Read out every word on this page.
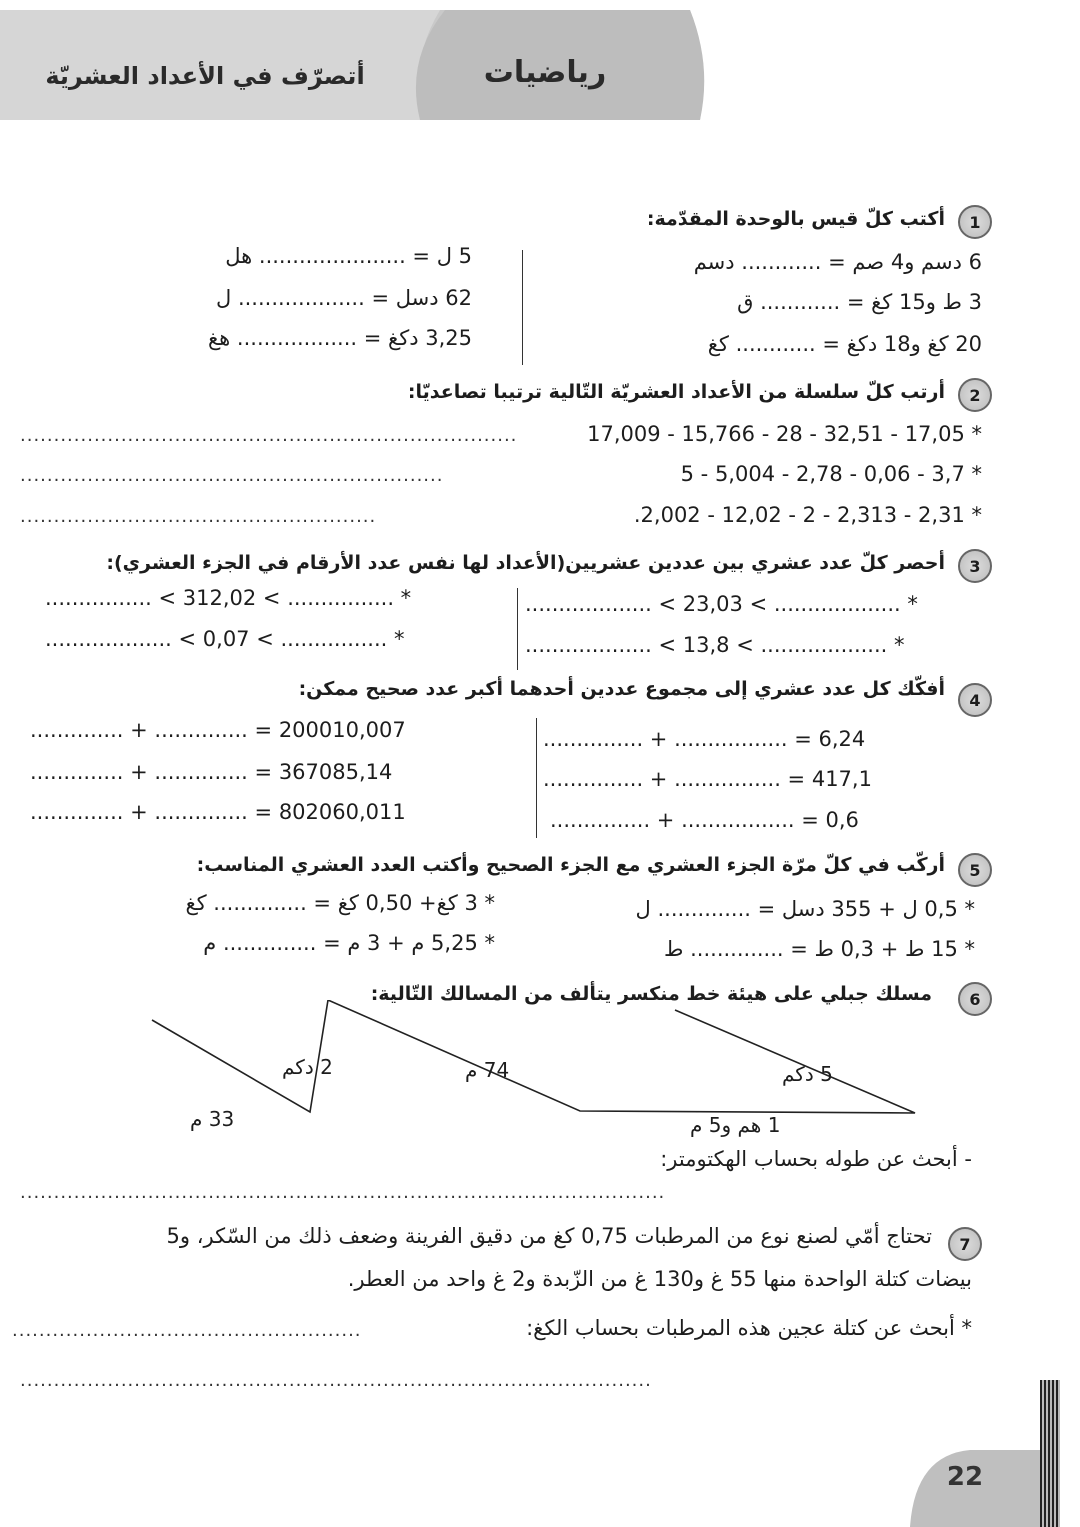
رياضيات
أتصرّف في الأعداد العشريّة
1
أكتب كلّ قيس بالوحدة المقدّمة:
6 دسم و4 صم = ............ دسم
3 ط و15 كغ = ............ ق
20 كغ و18 دكغ = ............ كغ
5 ل = ...................... هل
62 دسل = ................... ل
3,25 دكغ = .................. هغ
2
أرتب كلّ سلسلة من الأعداد العشريّة التّالية ترتيبا تصاعديّا:
* 17,05 - 32,51 - 28 - 15,766 - 17,009
..........................................................................
* 3,7 - 0,06 - 2,78 - 5,004 - 5
...............................................................
* 2,31 - 2,313 - 2 - 12,02 - 2,002.
.....................................................
3
أحصر كلّ عدد عشري بين عددين عشريين(الأعداد لها نفس عدد الأرقام في الجزء العشري):
................... < 23,03 < ................... *
................... < 13,8 < ................... *
................ < 312,02 < ................ *
................... < 0,07 < ................ *
4
أفكّك كل عدد عشري إلى مجموع عددين أحدهما أكبر عدد صحيح ممكن:
............... + ................. = 6,24
............... + ................ = 417,1
............... + ................. = 0,6
.............. + .............. = 200010,007
.............. + .............. = 367085,14
.............. + .............. = 802060,011
5
أركّب في كلّ مرّة الجزء العشري مع الجزء الصحيح وأكتب العدد العشري المناسب:
* 0,5 ل + 355 دسل = .............. ل
* 15 ط + 0,3 ط = .............. ط
* 3 كغ+ 0,50 كغ = .............. كغ
* 5,25 م + 3 م = .............. م
6
مسلك جبلي على هيئة خط منكسر يتألف من المسالك التّالية:
2 دكم	74 م	5 دكم
33 م	1 هم و5 م
- أبحث عن طوله بحساب الهكتومتر:
................................................................................................
7
تحتاج أمّي لصنع نوع من المرطبات 0,75 كغ من دقيق الفرينة وضعف ذلك من السّكر، و5
بيضات كتلة الواحدة منها 55 غ و130 غ من الزّبدة و2 غ واحد من العطر.
* أبحث عن كتلة عجين هذه المرطبات بحساب الكغ:
....................................................
..............................................................................................
22
